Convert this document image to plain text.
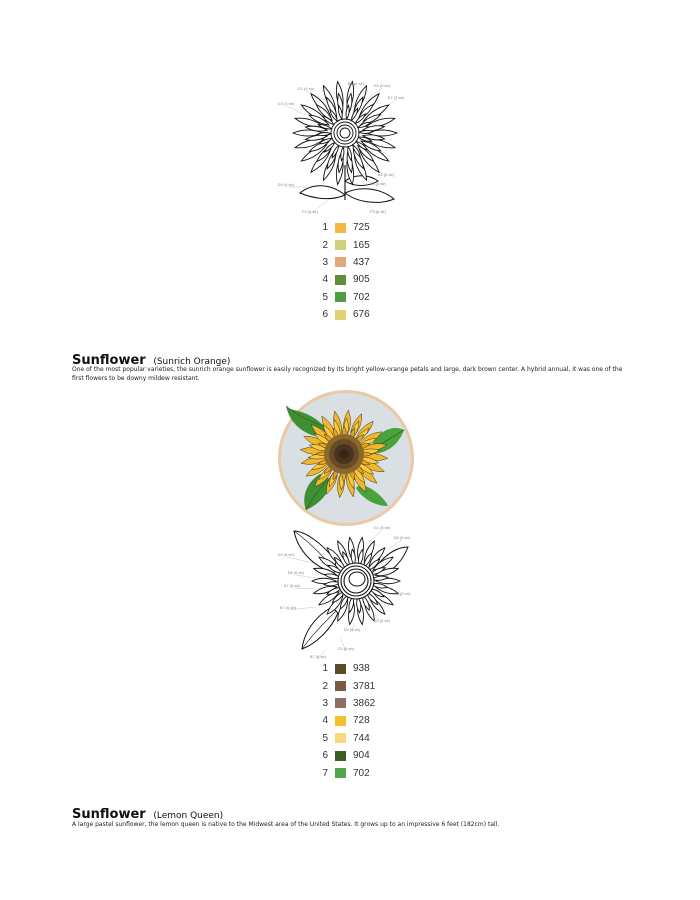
G1 (6 str)
B5 (6 str) D4 (6 str)
E2 (3 str)
G3 (3 str)
A1 (6 str)
Ex (6 str)
D4 (6 str)
F4 (6 str)	F3 (6 str)
1	725
2	165
3	437
4	905
5	702
6	676
Sunflower (Sunrich Orange)

One of the most popular varieties, the sunrich orange sunflower is easily recognized by its bright yellow-orange petals and large, dark brown center. A hybrid annual, it was one of the first flowers to be downy mildew resistant.

G1 (6 str)
D6 (6 str)
D4 (6 str)
D6 (6 str)
A7 (6 str)
G3 (6 str)
B7 (6 str)
E5 (3 str)
D2 (6 str)
C6 (6 str)
B7 (6 str)
1	938
2	3781
3	3862
4	728
5	744
6	904
7	702
Sunflower (Lemon Queen)

A large pastel sunflower, the lemon queen is native to the Midwest area of the United States. It grows up to an impressive 6 feet (182cm) tall.
